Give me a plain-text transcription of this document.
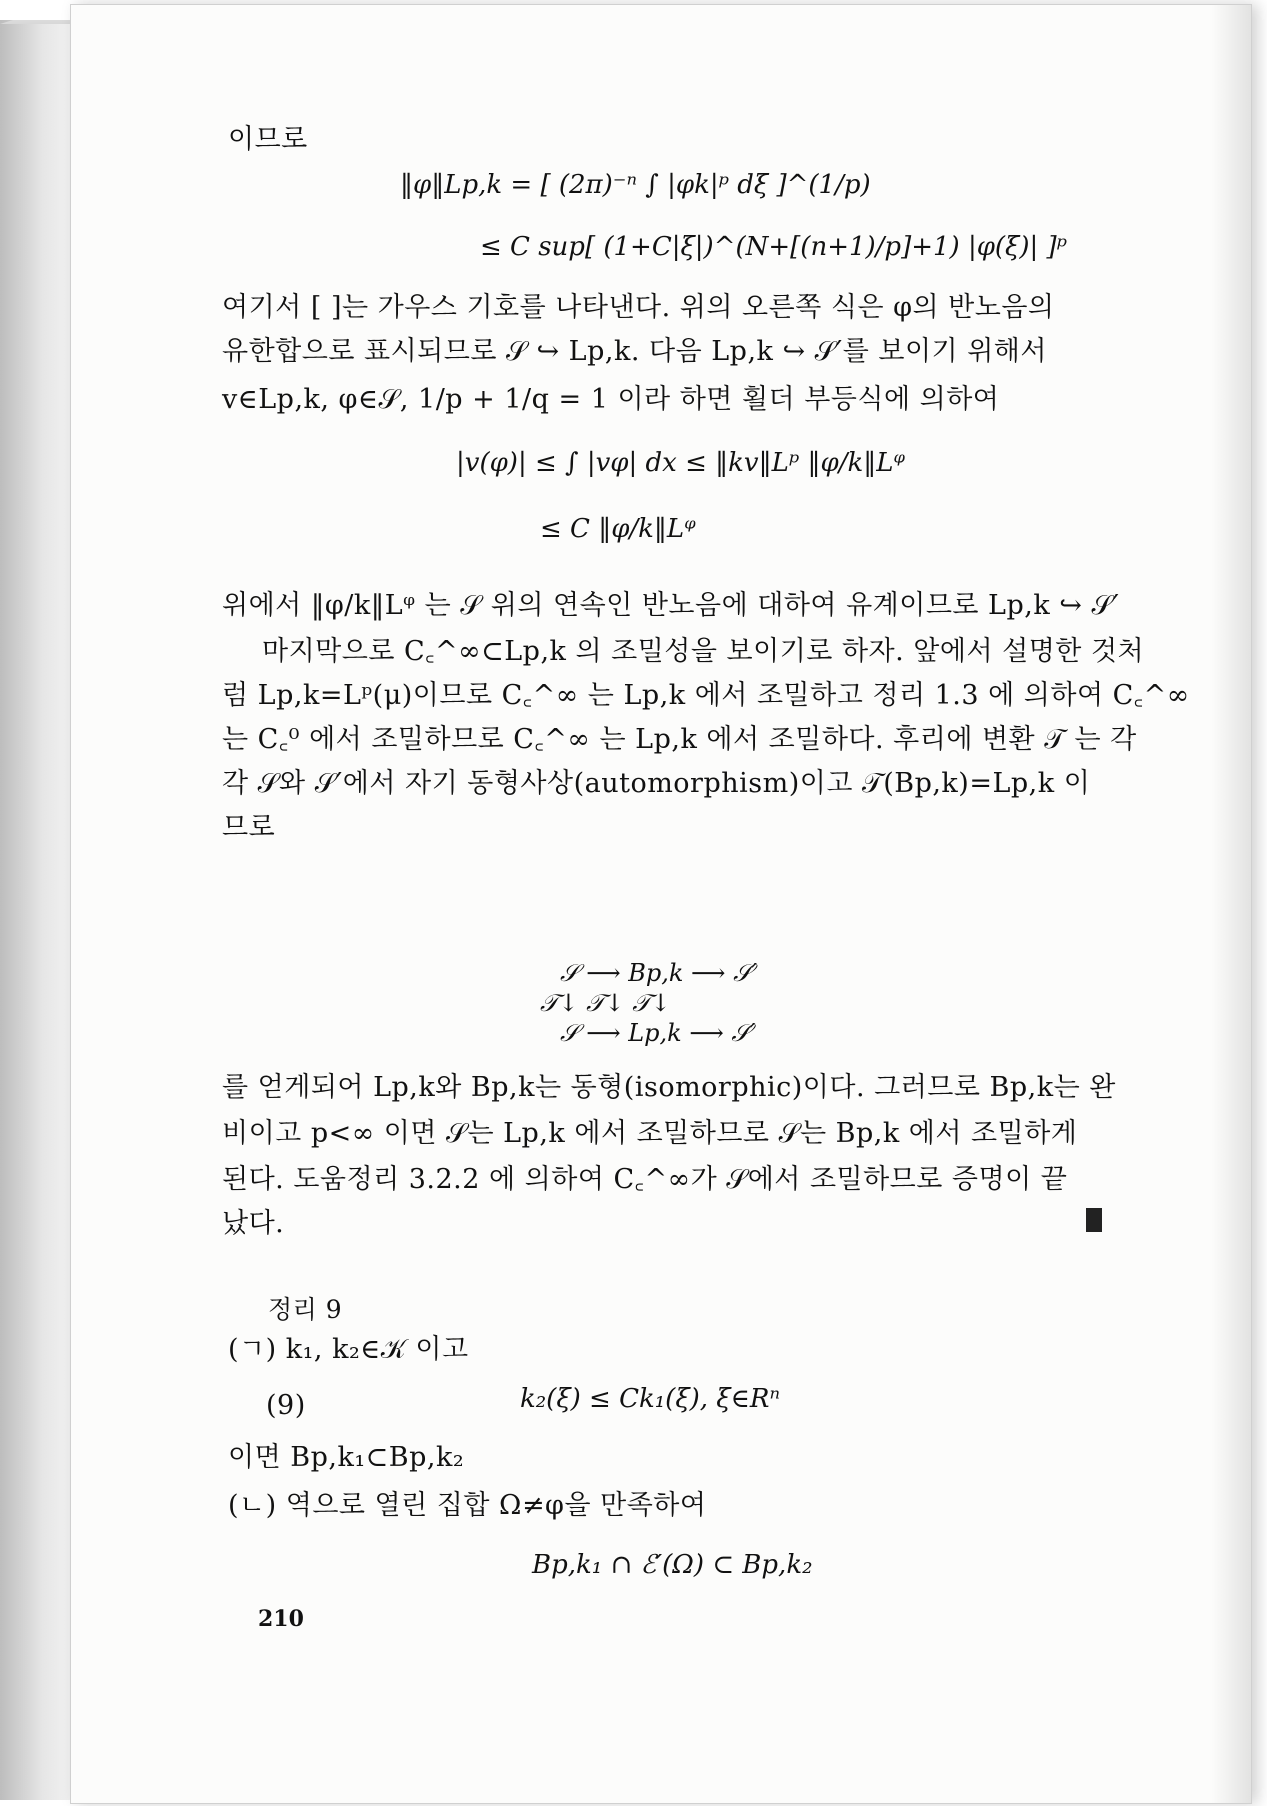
이므로
‖φ‖Lp,k = [ (2π)⁻ⁿ ∫ |φk|ᵖ dξ ]^(1/p)
≤ C sup[ (1+C|ξ|)^(N+[(n+1)/p]+1) |φ(ξ)| ]ᵖ
여기서 [ ]는 가우스 기호를 나타낸다. 위의 오른쪽 식은 φ의 반노음의
유한합으로 표시되므로 𝒮 ↪ Lp,k. 다음 Lp,k ↪ 𝒮′를 보이기 위해서
v∈Lp,k, φ∈𝒮, 1/p + 1/q = 1 이라 하면 횔더 부등식에 의하여
|v(φ)| ≤ ∫ |vφ| dx ≤ ‖kv‖Lᵖ ‖φ/k‖Lᵠ
≤ C ‖φ/k‖Lᵠ
위에서 ‖φ/k‖Lᵠ 는 𝒮 위의 연속인 반노음에 대하여 유계이므로 Lp,k ↪ 𝒮′
마지막으로 C꜀^∞⊂Lp,k 의 조밀성을 보이기로 하자. 앞에서 설명한 것처
럼 Lp,k=Lᵖ(μ)이므로 C꜀^∞ 는 Lp,k 에서 조밀하고 정리 1.3 에 의하여 C꜀^∞
는 C꜀⁰ 에서 조밀하므로 C꜀^∞ 는 Lp,k 에서 조밀하다. 후리에 변환 𝒯 는 각
각 𝒮와 𝒮′에서 자기 동형사상(automorphism)이고 𝒯(Bp,k)=Lp,k 이
므로
𝒮 ⟶ Bp,k ⟶ 𝒮′
𝒯↓ 𝒯↓ 𝒯↓
𝒮 ⟶ Lp,k ⟶ 𝒮′
를 얻게되어 Lp,k와 Bp,k는 동형(isomorphic)이다. 그러므로 Bp,k는 완
비이고 p<∞ 이면 𝒮는 Lp,k 에서 조밀하므로 𝒮는 Bp,k 에서 조밀하게
된다. 도움정리 3.2.2 에 의하여 C꜀^∞가 𝒮에서 조밀하므로 증명이 끝
났다.
정리 9
(ㄱ) k₁, k₂∈𝒦 이고
(9)	k₂(ξ) ≤ Ck₁(ξ), ξ∈Rⁿ
이면 Bp,k₁⊂Bp,k₂
(ㄴ) 역으로 열린 집합 Ω≠φ을 만족하여
Bp,k₁ ∩ ℰ′(Ω) ⊂ Bp,k₂
210
